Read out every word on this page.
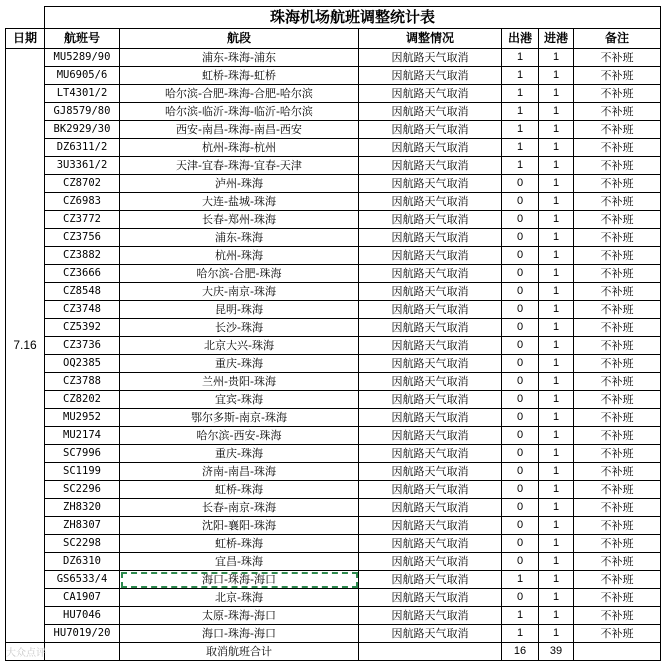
	珠海机场航班调整统计表					
日期	航班号	航段	调整情况	出港	进港	备注
7.16	MU5289/90	浦东-珠海-浦东	因航路天气取消	1	1	不补班
	MU6905/6	虹桥-珠海-虹桥	因航路天气取消	1	1	不补班
	LT4301/2	哈尔滨-合肥-珠海-合肥-哈尔滨	因航路天气取消	1	1	不补班
	GJ8579/80	哈尔滨-临沂-珠海-临沂-哈尔滨	因航路天气取消	1	1	不补班
	BK2929/30	西安-南昌-珠海-南昌-西安	因航路天气取消	1	1	不补班
	DZ6311/2	杭州-珠海-杭州	因航路天气取消	1	1	不补班
	3U3361/2	天津-宜春-珠海-宜春-天津	因航路天气取消	1	1	不补班
	CZ8702	泸州-珠海	因航路天气取消	0	1	不补班
	CZ6983	大连-盐城-珠海	因航路天气取消	0	1	不补班
	CZ3772	长春-郑州-珠海	因航路天气取消	0	1	不补班
	CZ3756	浦东-珠海	因航路天气取消	0	1	不补班
	CZ3882	杭州-珠海	因航路天气取消	0	1	不补班
	CZ3666	哈尔滨-合肥-珠海	因航路天气取消	0	1	不补班
	CZ8548	大庆-南京-珠海	因航路天气取消	0	1	不补班
	CZ3748	昆明-珠海	因航路天气取消	0	1	不补班
	CZ5392	长沙-珠海	因航路天气取消	0	1	不补班
	CZ3736	北京大兴-珠海	因航路天气取消	0	1	不补班
	OQ2385	重庆-珠海	因航路天气取消	0	1	不补班
	CZ3788	兰州-贵阳-珠海	因航路天气取消	0	1	不补班
	CZ8202	宜宾-珠海	因航路天气取消	0	1	不补班
	MU2952	鄂尔多斯-南京-珠海	因航路天气取消	0	1	不补班
	MU2174	哈尔滨-西安-珠海	因航路天气取消	0	1	不补班
	SC7996	重庆-珠海	因航路天气取消	0	1	不补班
	SC1199	济南-南昌-珠海	因航路天气取消	0	1	不补班
	SC2296	虹桥-珠海	因航路天气取消	0	1	不补班
	ZH8320	长春-南京-珠海	因航路天气取消	0	1	不补班
	ZH8307	沈阳-襄阳-珠海	因航路天气取消	0	1	不补班
	SC2298	虹桥-珠海	因航路天气取消	0	1	不补班
	DZ6310	宜昌-珠海	因航路天气取消	0	1	不补班
	GS6533/4	海口-珠海-海口	因航路天气取消	1	1	不补班
	CA1907	北京-珠海	因航路天气取消	0	1	不补班
	HU7046	太原-珠海-海口	因航路天气取消	1	1	不补班
	HU7019/20	海口-珠海-海口	因航路天气取消	1	1	不补班
		取消航班合计		16	39	
大众点评
